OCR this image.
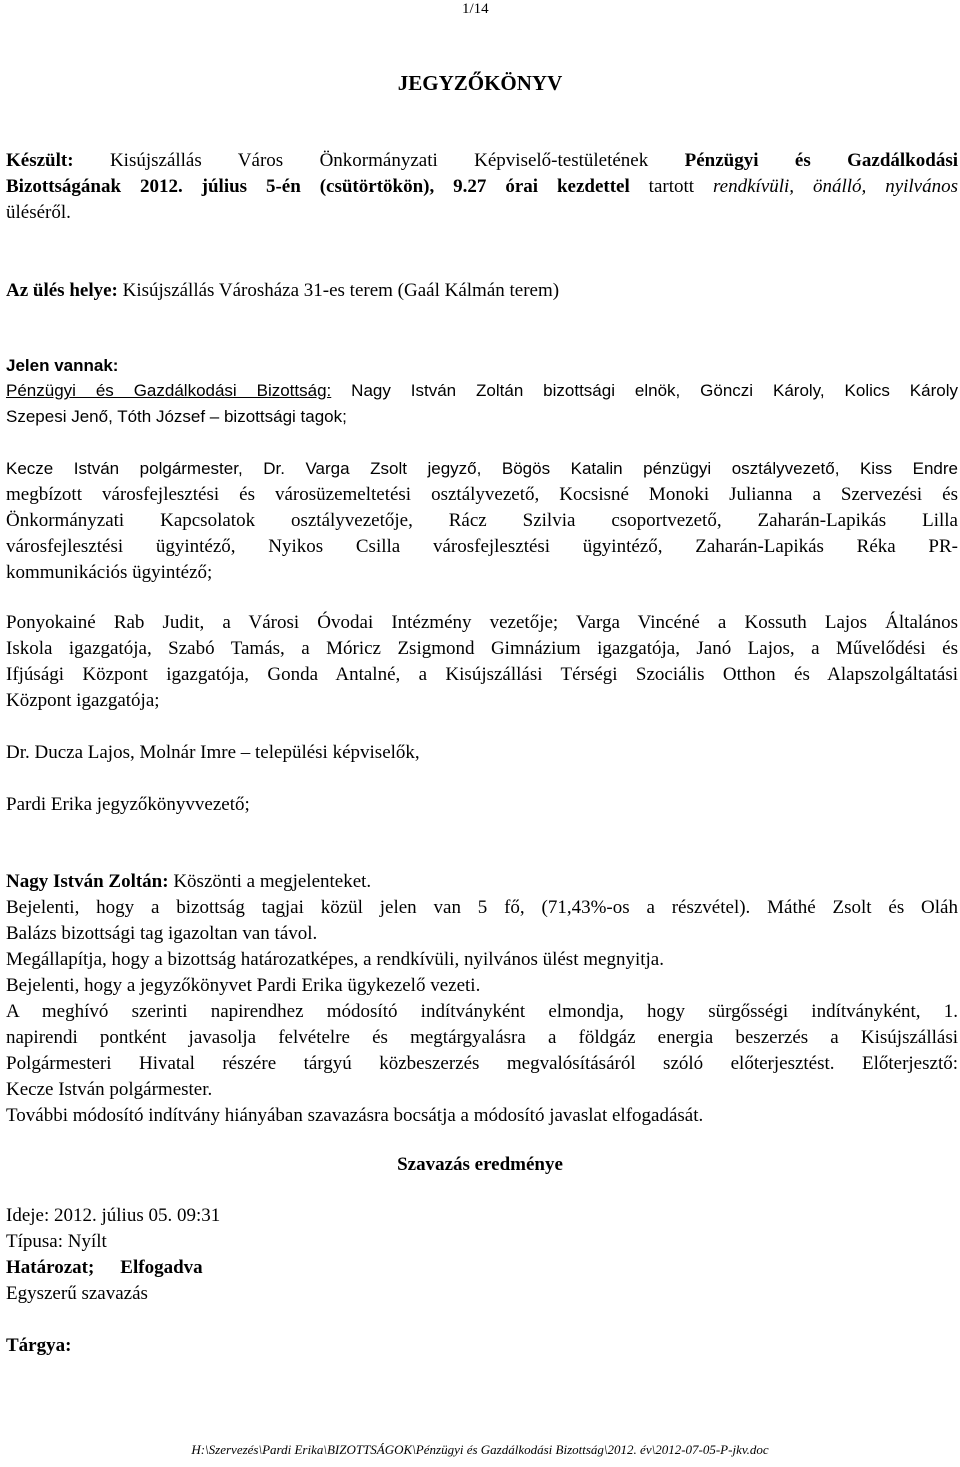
1/14
JEGYZŐKÖNYV
Készült: Kisújszállás Város Önkormányzati Képviselő-testületének Pénzügyi és Gazdálkodási
Bizottságának 2012. július 5-én (csütörtökön), 9.27 órai kezdettel tartott rendkívüli, önálló, nyilvános
üléséről.
Az ülés helye: Kisújszállás Városháza 31-es terem (Gaál Kálmán terem)
Jelen vannak:
Pénzügyi és Gazdálkodási Bizottság: Nagy István Zoltán bizottsági elnök, Gönczi Károly, Kolics Károly
Szepesi Jenő, Tóth József – bizottsági tagok;
Kecze István polgármester, Dr. Varga Zsolt jegyző, Bögös Katalin pénzügyi osztályvezető, Kiss Endre
megbízott városfejlesztési és városüzemeltetési osztályvezető, Kocsisné Monoki Julianna a Szervezési és
Önkormányzati Kapcsolatok osztályvezetője, Rácz Szilvia csoportvezető, Zaharán-Lapikás Lilla
városfejlesztési ügyintéző, Nyikos Csilla városfejlesztési ügyintéző, Zaharán-Lapikás Réka PR-
kommunikációs ügyintéző;
Ponyokainé Rab Judit, a Városi Óvodai Intézmény vezetője; Varga Vincéné a Kossuth Lajos Általános
Iskola igazgatója, Szabó Tamás, a Móricz Zsigmond Gimnázium igazgatója, Janó Lajos, a Művelődési és
Ifjúsági Központ igazgatója, Gonda Antalné, a Kisújszállási Térségi Szociális Otthon és Alapszolgáltatási
Központ igazgatója;
Dr. Ducza Lajos, Molnár Imre – települési képviselők,
Pardi Erika jegyzőkönyvvezető;
Nagy István Zoltán: Köszönti a megjelenteket.
Bejelenti, hogy a bizottság tagjai közül jelen van 5 fő, (71,43%-os a részvétel). Máthé Zsolt és Oláh
Balázs bizottsági tag igazoltan van távol.
Megállapítja, hogy a bizottság határozatképes, a rendkívüli, nyilvános ülést megnyitja.
Bejelenti, hogy a jegyzőkönyvet Pardi Erika ügykezelő vezeti.
A meghívó szerinti napirendhez módosító indítványként elmondja, hogy sürgősségi indítványként, 1.
napirendi pontként javasolja felvételre és megtárgyalásra a földgáz energia beszerzés a Kisújszállási
Polgármesteri Hivatal részére tárgyú közbeszerzés megvalósításáról szóló előterjesztést. Előterjesztő:
Kecze István polgármester.
További módosító indítvány hiányában szavazásra bocsátja a módosító javaslat elfogadását.
Szavazás eredménye
Ideje: 2012. július 05. 09:31
Típusa: Nyílt
Határozat; Elfogadva
Egyszerű szavazás
Tárgya:
H:\Szervezés\Pardi Erika\BIZOTTSÁGOK\Pénzügyi és Gazdálkodási Bizottság\2012. év\2012-07-05-P-jkv.doc
